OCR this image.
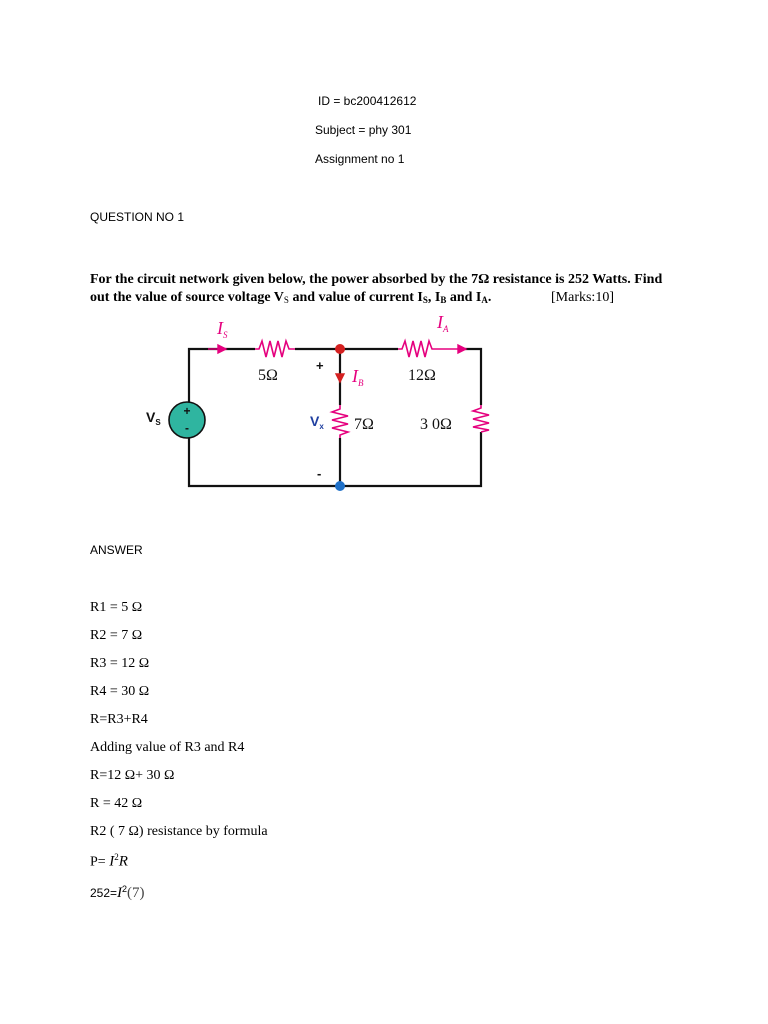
ID = bc200412612
Subject = phy 301
Assignment no 1
QUESTION NO 1
For the circuit network given below, the power absorbed by the 7Ω resistance is 252 Watts. Find
out the value of source voltage $V_S$ and value of current $I_S$, $I_B$ and $I_A$.	[Marks:10]
+
-
$I_S$
$I_A$
$I_B$
5Ω	12Ω
7Ω	3 0Ω
$V_S$	$V_x$
+
-
ANSWER
R1 = 5 Ω
R2 = 7 Ω
R3 = 12 Ω
R4 = 30 Ω
R=R3+R4
Adding value of R3 and R4
R=12 Ω+ 30 Ω
R = 42 Ω
R2 ( 7 Ω) resistance by formula
$P= I^2R$
$252=I^2(7)$
